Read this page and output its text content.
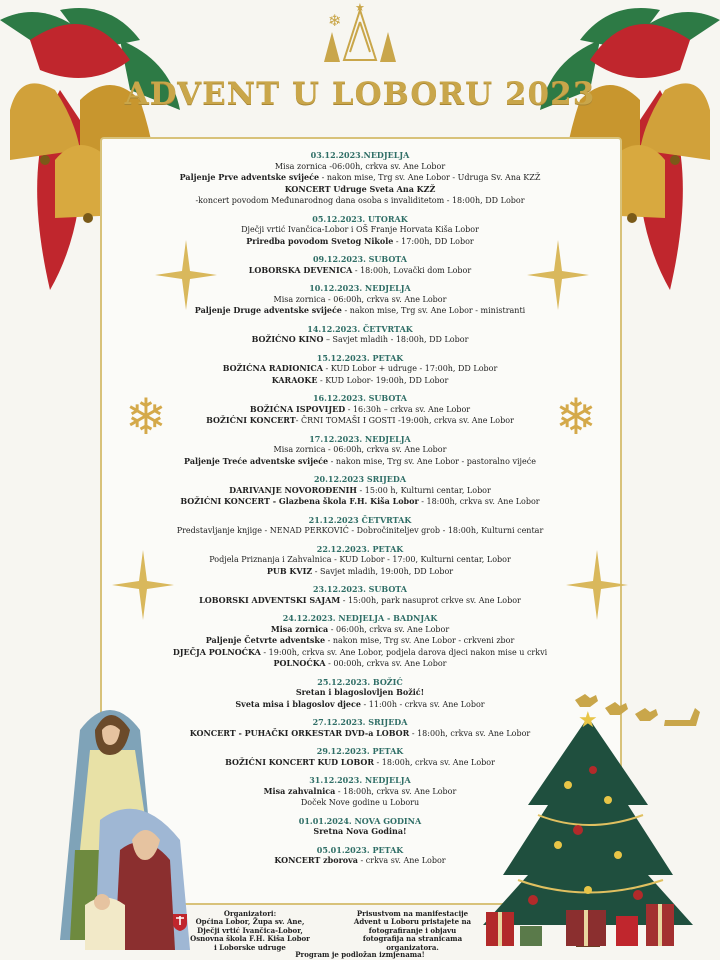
❄
★
ADVENT U LOBORU 2023
❄	❄
03.12.2023.NEDJELJA
Misa zornica -06:00h, crkva sv. Ane Lobor
Paljenje Prve adventske svijeće - nakon mise, Trg sv. Ane Lobor - Udruga Sv. Ana KZŽ
KONCERT Udruge Sveta Ana KZŽ
-koncert povodom Međunarodnog dana osoba s invaliditetom - 18:00h, DD Lobor
05.12.2023. UTORAK
Dječji vrtić Ivančica-Lobor i OŠ Franje Horvata Kiša Lobor
Priredba povodom Svetog Nikole - 17:00h, DD Lobor
09.12.2023. SUBOTA
LOBORSKA DEVENICA - 18:00h, Lovački dom Lobor
10.12.2023. NEDJELJA
Misa zornica - 06:00h, crkva sv. Ane Lobor
Paljenje Druge adventske svijeće - nakon mise, Trg sv. Ane Lobor - ministranti
14.12.2023. ČETVRTAK
BOŽIĆNO KINO – Savjet mladih - 18:00h, DD Lobor
15.12.2023. PETAK
BOŽIĆNA RADIONICA - KUD Lobor + udruge - 17:00h, DD Lobor
KARAOKE - KUD Lobor- 19:00h, DD Lobor
16.12.2023. SUBOTA
BOŽIĆNA ISPOVIJED - 16:30h – crkva sv. Ane Lobor
BOŽIĆNI KONCERT- ČRNI TOMAŠI I GOSTI -19:00h, crkva sv. Ane Lobor
17.12.2023. NEDJELJA
Misa zornica - 06:00h, crkva sv. Ane Lobor
Paljenje Treće adventske svijeće - nakon mise, Trg sv. Ane Lobor - pastoralno vijeće
20.12.2023 SRIJEDA
DARIVANJE NOVOROĐENIH - 15:00 h, Kulturni centar, Lobor
BOŽIĆNI KONCERT - Glazbena škola F.H. Kiša Lobor - 18:00h, crkva sv. Ane Lobor
21.12.2023 ČETVRTAK
Predstavljanje knjige - NENAD PERKOVIĆ - Dobročiniteljev grob - 18:00h, Kulturni centar
22.12.2023. PETAK
Podjela Priznanja i Zahvalnica - KUD Lobor - 17:00, Kulturni centar, Lobor
PUB KVIZ - Savjet mladih, 19:00h, DD Lobor
23.12.2023. SUBOTA
LOBORSKI ADVENTSKI SAJAM - 15:00h, park nasuprot crkve sv. Ane Lobor
24.12.2023. NEDJELJA - BADNJAK
Misa zornica - 06:00h, crkva sv. Ane Lobor
Paljenje Četvrte adventske - nakon mise, Trg sv. Ane Lobor - crkveni zbor
DJEČJA POLNOĆKA - 19:00h, crkva sv. Ane Lobor, podjela darova djeci nakon mise u crkvi
POLNOĆKA - 00:00h, crkva sv. Ane Lobor
25.12.2023. BOŽIĆ
Sretan i blagoslovljen Božić!
Sveta misa i blagoslov djece - 11:00h - crkva sv. Ane Lobor
27.12.2023. SRIJEDA
KONCERT - PUHAČKI ORKESTAR DVD-a LOBOR - 18:00h, crkva sv. Ane Lobor
29.12.2023. PETAK
BOŽIĆNI KONCERT KUD LOBOR - 18:00h, crkva sv. Ane Lobor
31.12.2023. NEDJELJA
Misa zahvalnica - 18:00h, crkva sv. Ane Lobor
Doček Nove godine u Loboru
01.01.2024. NOVA GODINA
Sretna Nova Godina!
05.01.2023. PETAK
KONCERT zborova - crkva sv. Ane Lobor
★
Organizatori:
Općina Lobor, Župa sv. Ane, Dječji vrtić Ivančica-Lobor, Osnovna škola F.H. Kiša Lobor i Loborske udruge
Prisustvom na manifestacije Advent u Loboru pristajete na fotografiranje i objavu fotografija na stranicama organizatora.
Program je podložan izmjenama!
